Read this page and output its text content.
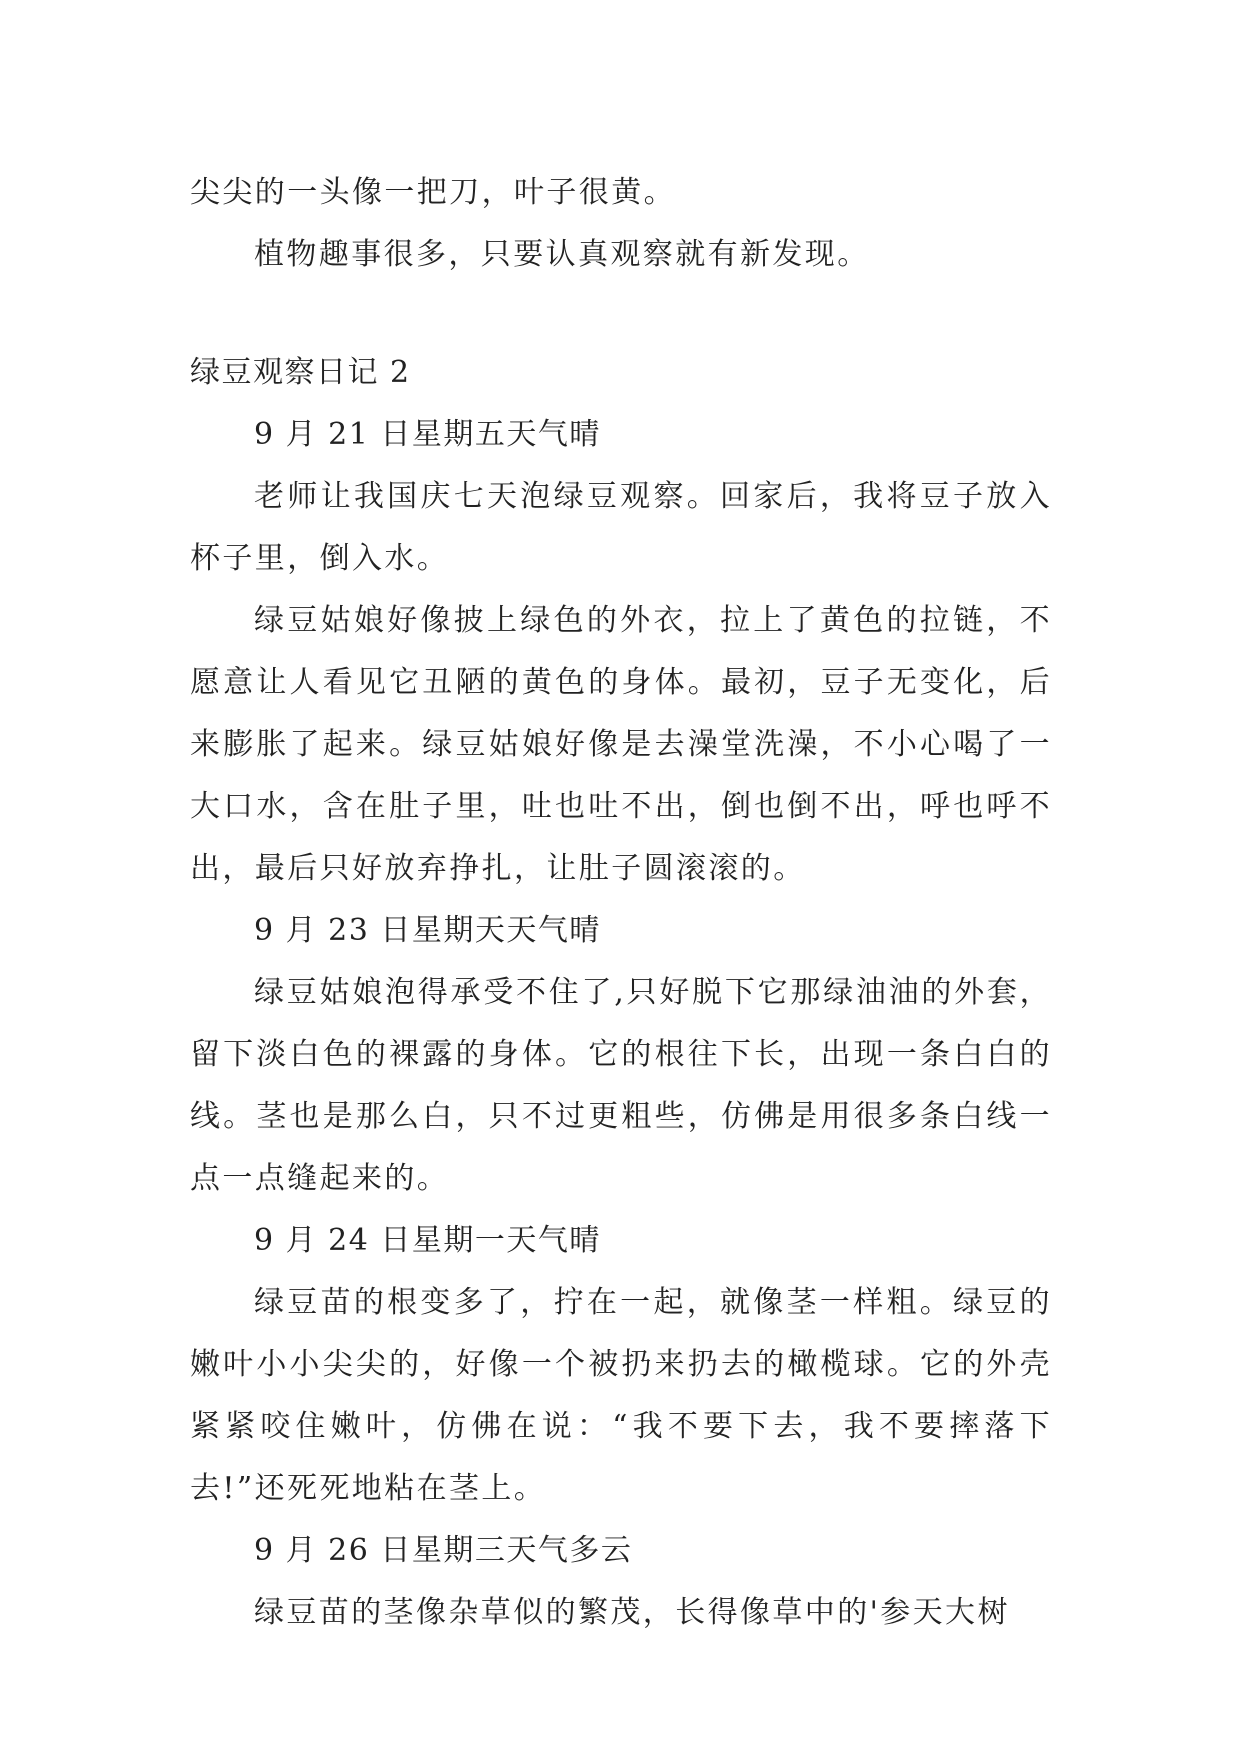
尖尖的一头像一把刀，叶子很黄。

植物趣事很多，只要认真观察就有新发现。

绿豆观察日记 2

9 月 21 日星期五天气晴

老师让我国庆七天泡绿豆观察。回家后，我将豆子放入杯子里，倒入水。

绿豆姑娘好像披上绿色的外衣，拉上了黄色的拉链，不愿意让人看见它丑陋的黄色的身体。最初，豆子无变化，后来膨胀了起来。绿豆姑娘好像是去澡堂洗澡，不小心喝了一大口水，含在肚子里，吐也吐不出，倒也倒不出，呼也呼不出，最后只好放弃挣扎，让肚子圆滚滚的。

9 月 23 日星期天天气晴

绿豆姑娘泡得承受不住了,只好脱下它那绿油油的外套，留下淡白色的裸露的身体。它的根往下长，出现一条白白的线。茎也是那么白，只不过更粗些，仿佛是用很多条白线一点一点缝起来的。

9 月 24 日星期一天气晴

绿豆苗的根变多了，拧在一起，就像茎一样粗。绿豆的嫩叶小小尖尖的，好像一个被扔来扔去的橄榄球。它的外壳紧紧咬住嫩叶，仿佛在说：“我不要下去，我不要摔落下去!”还死死地粘在茎上。

9 月 26 日星期三天气多云

绿豆苗的茎像杂草似的繁茂，长得像草中的'参天大树
